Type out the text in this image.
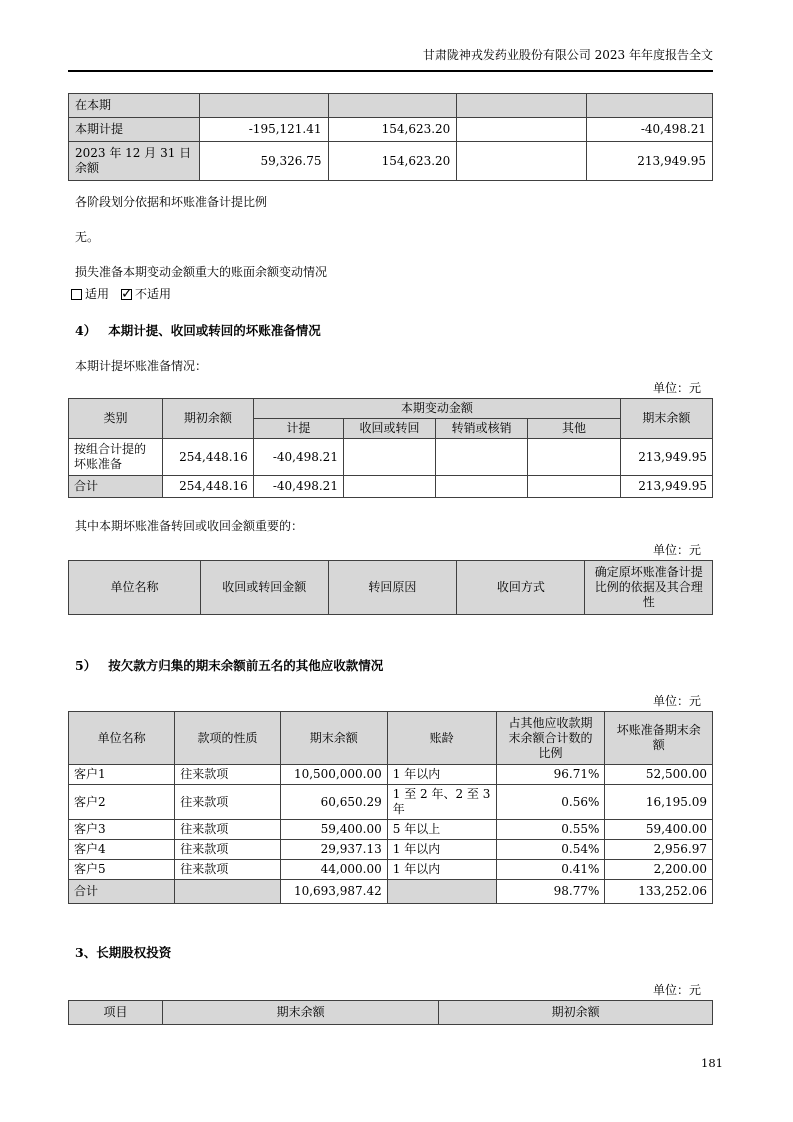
甘肃陇神戎发药业股份有限公司 2023 年年度报告全文
在本期				
本期计提	-195,121.41	154,623.20		-40,498.21
2023 年 12 月 31 日余额	59,326.75	154,623.20		213,949.95
各阶段划分依据和坏账准备计提比例
无。
损失准备本期变动金额重大的账面余额变动情况
适用 ✓ 不适用
4） 本期计提、收回或转回的坏账准备情况
本期计提坏账准备情况：
单位：元
类别	期初余额	本期变动金额				期末余额
		计提	收回或转回	转销或核销	其他	
按组合计提的坏账准备	254,448.16	-40,498.21				213,949.95
合计	254,448.16	-40,498.21				213,949.95
其中本期坏账准备转回或收回金额重要的：
单位：元
单位名称	收回或转回金额	转回原因	收回方式	确定原坏账准备计提比例的依据及其合理性
5） 按欠款方归集的期末余额前五名的其他应收款情况
单位：元
单位名称	款项的性质	期末余额	账龄	占其他应收款期末余额合计数的比例	坏账准备期末余额
客户1	往来款项	10,500,000.00	1 年以内	96.71%	52,500.00
客户2	往来款项	60,650.29	1 至 2 年、2 至 3 年	0.56%	16,195.09
客户3	往来款项	59,400.00	5 年以上	0.55%	59,400.00
客户4	往来款项	29,937.13	1 年以内	0.54%	2,956.97
客户5	往来款项	44,000.00	1 年以内	0.41%	2,200.00
合计		10,693,987.42		98.77%	133,252.06
3、长期股权投资
单位：元
项目	期末余额	期初余额
181
